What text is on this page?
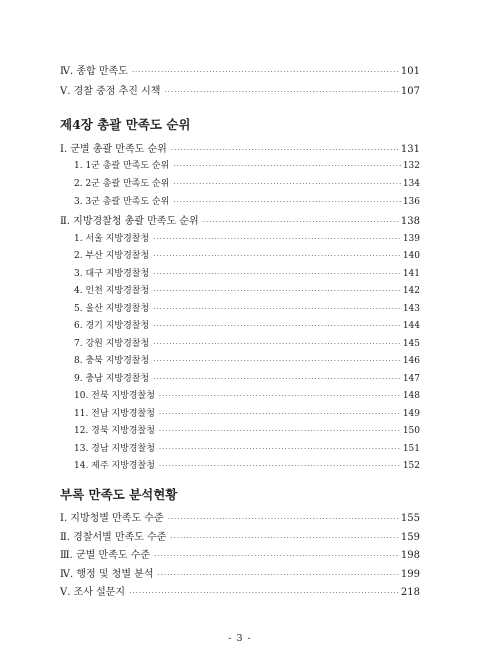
Ⅳ. 종합 만족도 ·····	101
Ⅴ. 경찰 중점 추진 시책 ·····	107
제4장 총괄 만족도 순위
Ⅰ. 군별 총괄 만족도 순위 ·····	131
1. 1군 총괄 만족도 순위 ·····	132
2. 2군 총괄 만족도 순위 ·····	134
3. 3군 총괄 만족도 순위 ·····	136
Ⅱ. 지방경찰청 총괄 만족도 순위 ·····	138
1. 서울 지방경찰청 ·····	139
2. 부산 지방경찰청 ·····	140
3. 대구 지방경찰청 ·····	141
4. 인천 지방경찰청 ·····	142
5. 울산 지방경찰청 ·····	143
6. 경기 지방경찰청 ·····	144
7. 강원 지방경찰청 ·····	145
8. 충북 지방경찰청 ·····	146
9. 충남 지방경찰청 ·····	147
10. 전북 지방경찰청 ·····	148
11. 전남 지방경찰청 ·····	149
12. 경북 지방경찰청 ·····	150
13. 경남 지방경찰청 ·····	151
14. 제주 지방경찰청 ·····	152
부록 만족도 분석현황
Ⅰ. 지방청별 만족도 수준 ·····	155
Ⅱ. 경찰서별 만족도 수준 ·····	159
Ⅲ. 군별 만족도 수준 ·····	198
Ⅳ. 행정 및 청별 분석 ·····	199
Ⅴ. 조사 설문지 ·····	218
- 3 -
